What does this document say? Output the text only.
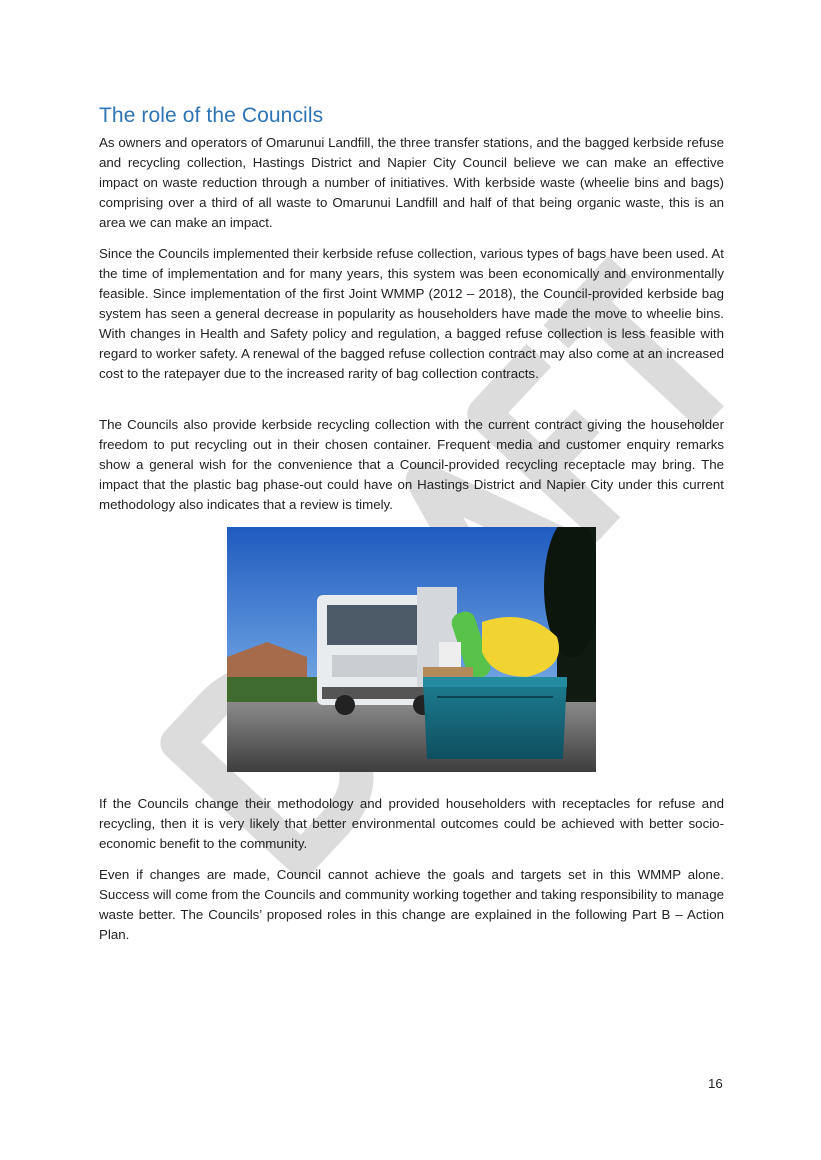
The role of the Councils

As owners and operators of Omarunui Landfill, the three transfer stations, and the bagged kerbside refuse and recycling collection, Hastings District and Napier City Council believe we can make an effective impact on waste reduction through a number of initiatives. With kerbside waste (wheelie bins and bags) comprising over a third of all waste to Omarunui Landfill and half of that being organic waste, this is an area we can make an impact.

Since the Councils implemented their kerbside refuse collection, various types of bags have been used. At the time of implementation and for many years, this system was been economically and environmentally feasible. Since implementation of the first Joint WMMP (2012 – 2018), the Council-provided kerbside bag system has seen a general decrease in popularity as householders have made the move to wheelie bins. With changes in Health and Safety policy and regulation, a bagged refuse collection is less feasible with regard to worker safety. A renewal of the bagged refuse collection contract may also come at an increased cost to the ratepayer due to the increased rarity of bag collection contracts.

The Councils also provide kerbside recycling collection with the current contract giving the householder freedom to put recycling out in their chosen container. Frequent media and customer enquiry remarks show a general wish for the convenience that a Council-provided recycling receptacle may bring. The impact that the plastic bag phase-out could have on Hastings District and Napier City under this current methodology also indicates that a review is timely.

If the Councils change their methodology and provided householders with receptacles for refuse and recycling, then it is very likely that better environmental outcomes could be achieved with better socio-economic benefit to the community.

Even if changes are made, Council cannot achieve the goals and targets set in this WMMP alone. Success will come from the Councils and community working together and taking responsibility to manage waste better. The Councils’ proposed roles in this change are explained in the following Part B – Action Plan.

16
